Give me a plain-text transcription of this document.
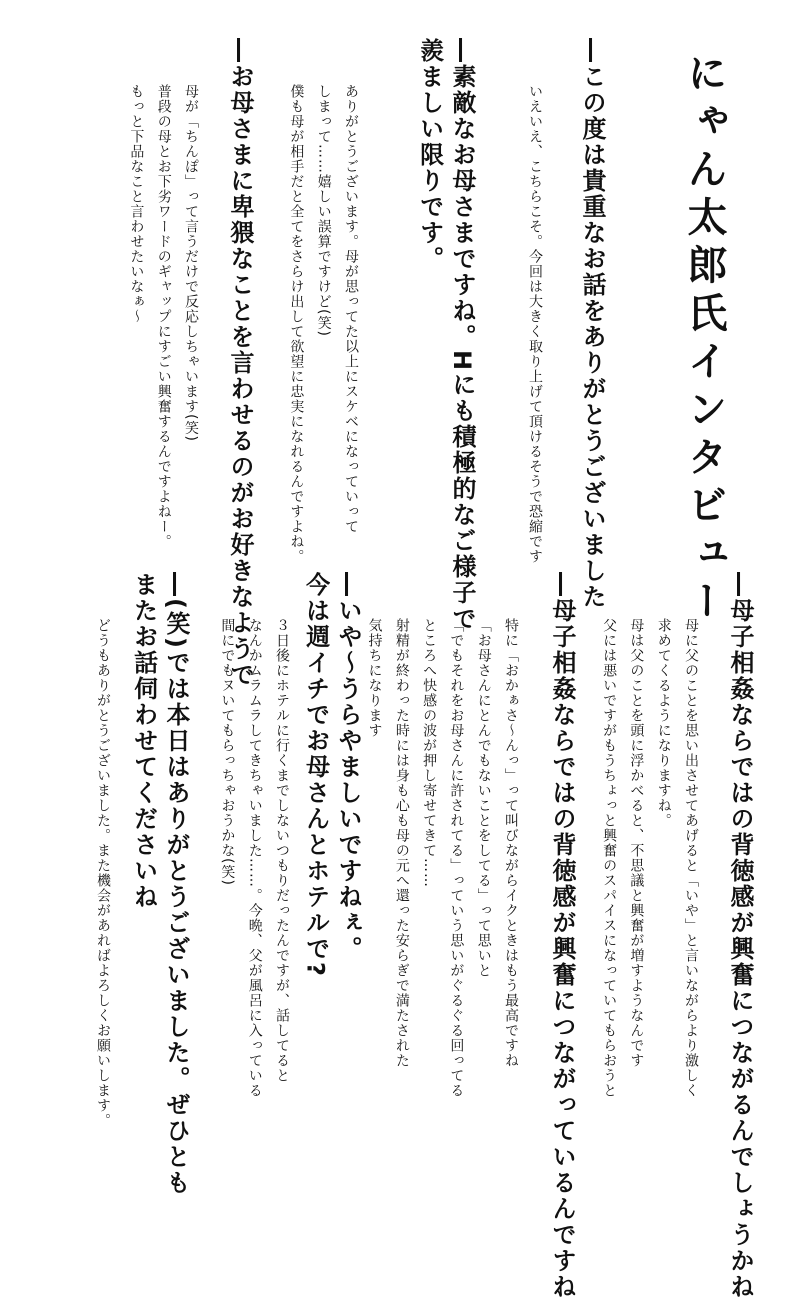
にゃん太郎氏インタビュー
―この度は貴重なお話をありがとうございました
いえいえ、こちらこそ。今回は大きく取り上げて頂けるそうで恐縮です
―素敵なお母さまですね。Hにも積極的なご様子で
羨ましい限りです。
ありがとうございます。母が思ってた以上にスケベになっていって
しまって……嬉しい誤算ですけど(笑)
僕も母が相手だと全てをさらけ出して欲望に忠実になれるんですよね。
―お母さまに卑猥なことを言わせるのがお好きなようで
母が「ちんぽ」って言うだけで反応しちゃいます(笑)
普段の母とお下劣ワードのギャップにすごい興奮するんですよねー。
もっと下品なこと言わせたいなぁ～
―母子相姦ならではの背徳感が興奮につながるんでしょうかね
母に父のことを思い出させてあげると「いや」と言いながらより激しく
求めてくるようになりますね。
母は父のことを頭に浮かべると、不思議と興奮が増すようなんです
父には悪いですがもうちょっと興奮のスパイスになっていてもらおうと
―母子相姦ならではの背徳感が興奮につながっているんですね
特に「おかぁさ～んっ」って叫びながらイクときはもう最高ですね
「お母さんにとんでもないことをしてる」って思いと
「でもそれをお母さんに許されてる」っていう思いがぐるぐる回ってる
ところへ快感の波が押し寄せてきて……
射精が終わった時には身も心も母の元へ還った安らぎで満たされた
気持ちになります
―いや～うらやましいですねぇ。
今は週イチでお母さんとホテルで?
３日後にホテルに行くまでしないつもりだったんですが、話してると
なんかムラムラしてきちゃいました……。今晩、父が風呂に入っている
間にでもヌいてもらっちゃおうかな(笑)
―(笑)では本日はありがとうございました。ぜひとも
またお話伺わせてくださいね
どうもありがとうございました。また機会があればよろしくお願いします。
